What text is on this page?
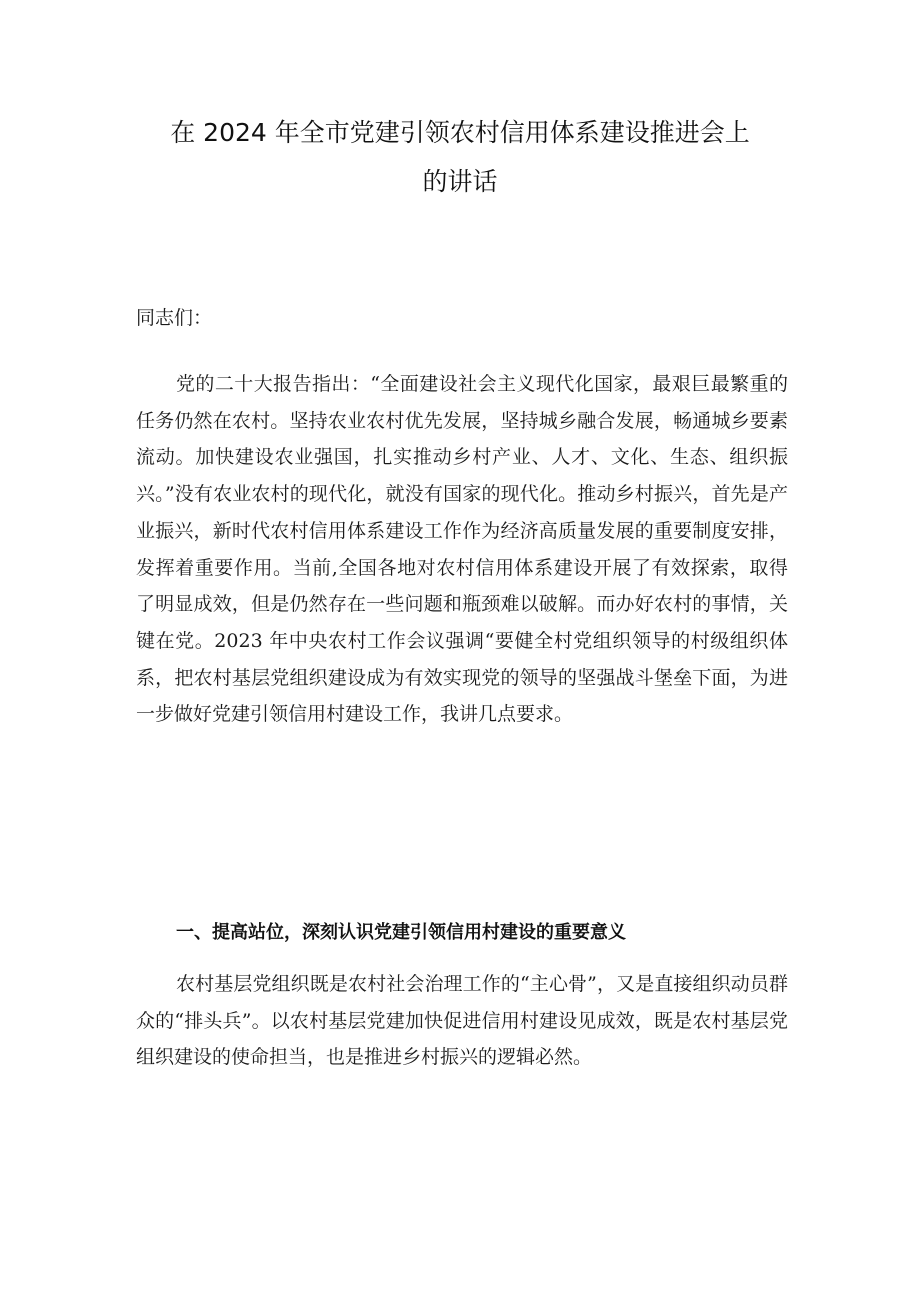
在 2024 年全市党建引领农村信用体系建设推进会上
的讲话

同志们：

党的二十大报告指出：“全面建设社会主义现代化国家，最艰巨最繁重的任务仍然在农村。坚持农业农村优先发展，坚持城乡融合发展，畅通城乡要素流动。加快建设农业强国，扎实推动乡村产业、人才、文化、生态、组织振兴。”没有农业农村的现代化，就没有国家的现代化。推动乡村振兴，首先是产业振兴，新时代农村信用体系建设工作作为经济高质量发展的重要制度安排，发挥着重要作用。当前,全国各地对农村信用体系建设开展了有效探索，取得了明显成效，但是仍然存在一些问题和瓶颈难以破解。而办好农村的事情，关键在党。2023 年中央农村工作会议强调“要健全村党组织领导的村级组织体系，把农村基层党组织建设成为有效实现党的领导的坚强战斗堡垒下面，为进一步做好党建引领信用村建设工作，我讲几点要求。

一、提高站位，深刻认识党建引领信用村建设的重要意义

农村基层党组织既是农村社会治理工作的“主心骨”，又是直接组织动员群众的“排头兵”。以农村基层党建加快促进信用村建设见成效，既是农村基层党组织建设的使命担当，也是推进乡村振兴的逻辑必然。
